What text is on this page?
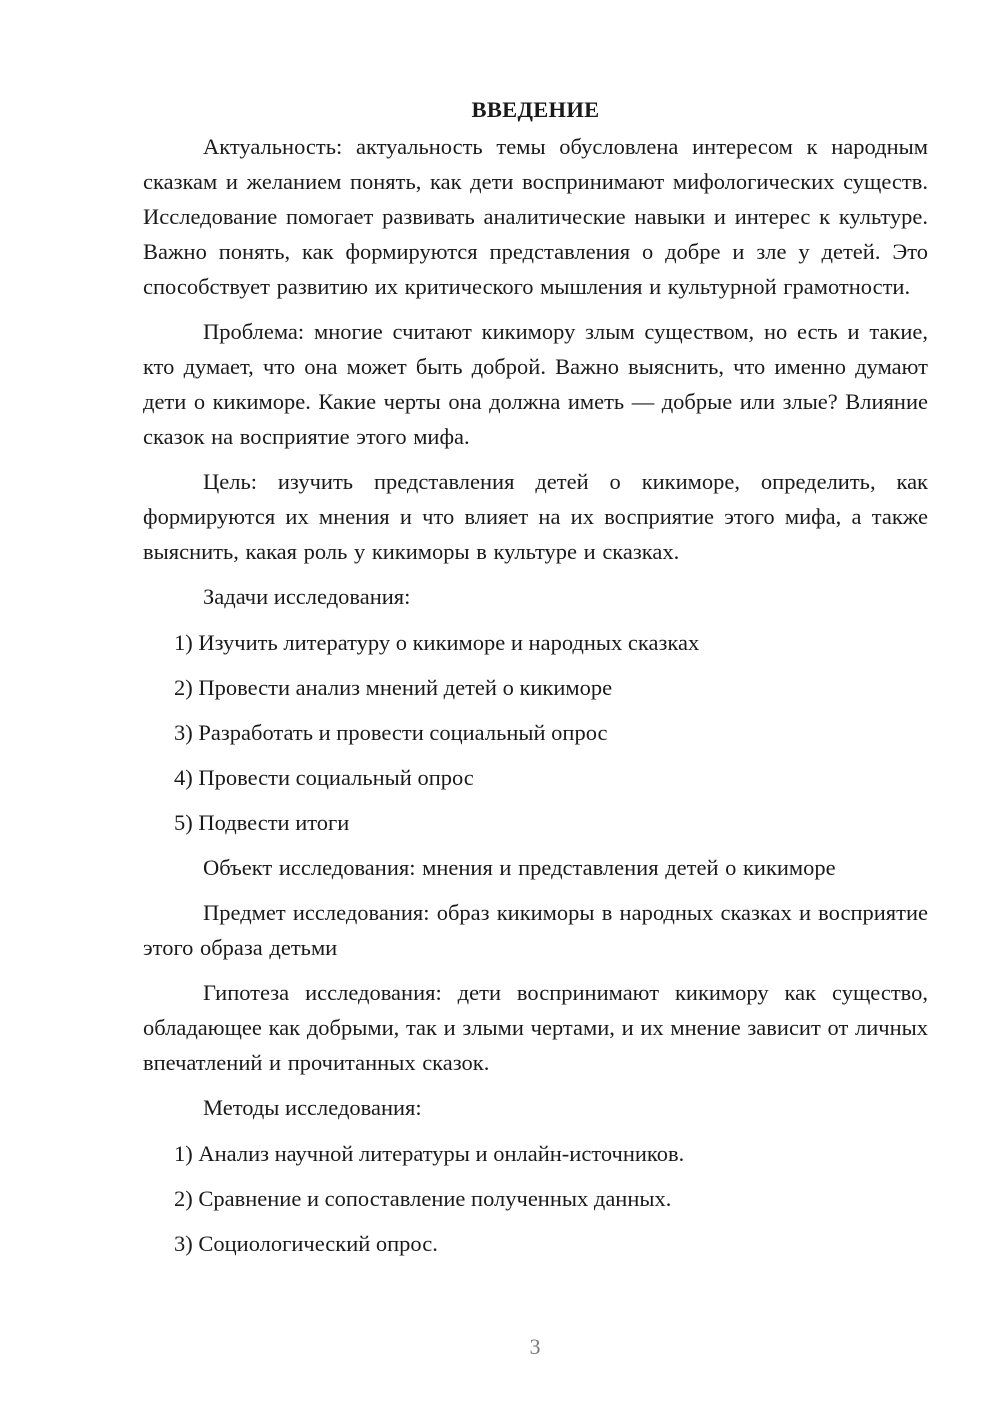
ВВЕДЕНИЕ

Актуальность: актуальность темы обусловлена интересом к народным сказкам и желанием понять, как дети воспринимают мифологических существ. Исследование помогает развивать аналитические навыки и интерес к культуре. Важно понять, как формируются представления о добре и зле у детей. Это способствует развитию их критического мышления и культурной грамотности.

Проблема: многие считают кикимору злым существом, но есть и такие, кто думает, что она может быть доброй. Важно выяснить, что именно думают дети о кикиморе. Какие черты она должна иметь — добрые или злые? Влияние сказок на восприятие этого мифа.

Цель: изучить представления детей о кикиморе, определить, как формируются их мнения и что влияет на их восприятие этого мифа, а также выяснить, какая роль у кикиморы в культуре и сказках.

Задачи исследования:

1) Изучить литературу о кикиморе и народных сказках
2) Провести анализ мнений детей о кикиморе
3) Разработать и провести социальный опрос
4) Провести социальный опрос
5) Подвести итоги

Объект исследования: мнения и представления детей о кикиморе

Предмет исследования: образ кикиморы в народных сказках и восприятие этого образа детьми

Гипотеза исследования: дети воспринимают кикимору как существо, обладающее как добрыми, так и злыми чертами, и их мнение зависит от личных впечатлений и прочитанных сказок.

Методы исследования:

1) Анализ научной литературы и онлайн-источников.
2) Сравнение и сопоставление полученных данных.
3) Социологический опрос.
3
